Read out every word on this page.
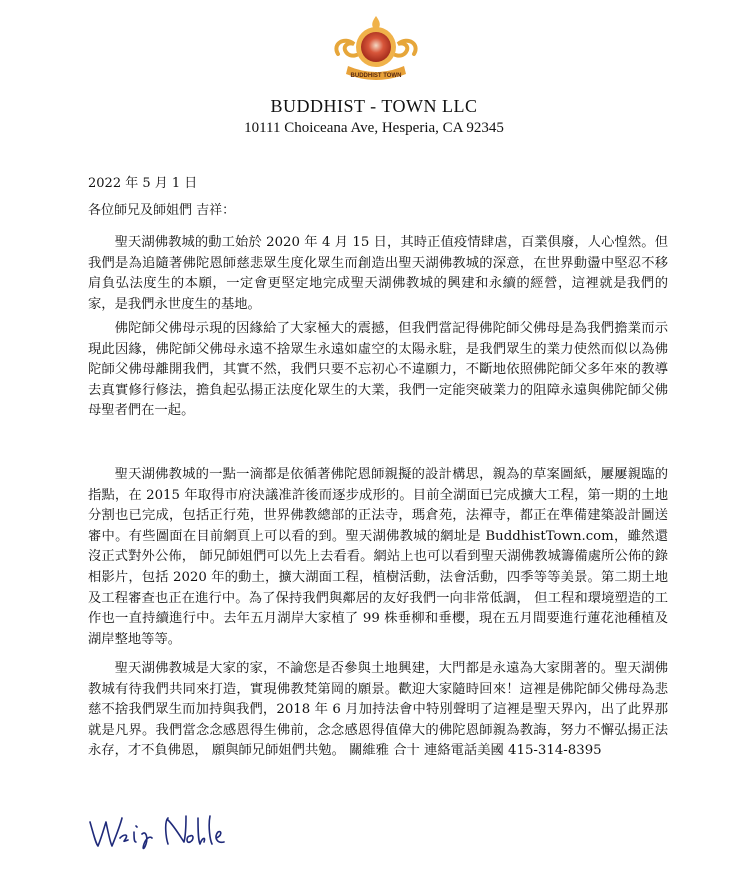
BUDDHIST TOWN
BUDDHIST - TOWN LLC
10111 Choiceana Ave, Hesperia, CA 92345
2022 年 5 月 1 日
各位師兄及師姐們 吉祥：

聖天湖佛教城的動工始於 2020 年 4 月 15 日，其時正值疫情肆虐，百業俱廢，人心惶然。但我們是為追隨著佛陀恩師慈悲眾生度化眾生而創造出聖天湖佛教城的深意，在世界動盪中堅忍不移肩負弘法度生的本願，一定會更堅定地完成聖天湖佛教城的興建和永續的經營，這裡就是我們的家，是我們永世度生的基地。

佛陀師父佛母示現的因緣給了大家極大的震撼，但我們當記得佛陀師父佛母是為我們擔業而示現此因緣，佛陀師父佛母永遠不捨眾生永遠如虛空的太陽永駐，是我們眾生的業力使然而似以為佛陀師父佛母離開我們，其實不然，我們只要不忘初心不違願力，不斷地依照佛陀師父多年來的教導去真實修行修法，擔負起弘揚正法度化眾生的大業，我們一定能突破業力的阻障永遠與佛陀師父佛母聖者們在一起。

聖天湖佛教城的一點一滴都是依循著佛陀恩師親擬的設計構思，親為的草案圖紙，屢屢親臨的指點，在 2015 年取得市府決議准許後而逐步成形的。目前全湖面已完成擴大工程，第一期的土地分割也已完成，包括正行苑，世界佛教總部的正法寺，瑪倉苑，法禪寺，都正在準備建築設計圖送審中。有些圖面在目前網頁上可以看的到。聖天湖佛教城的網址是 BuddhistTown.com，雖然還沒正式對外公佈， 師兄師姐們可以先上去看看。網站上也可以看到聖天湖佛教城籌備處所公佈的錄相影片，包括 2020 年的動土，擴大湖面工程，植樹活動，法會活動，四季等等美景。第二期土地及工程審查也正在進行中。為了保持我們與鄰居的友好我們一向非常低調， 但工程和環境塑造的工作也一直持續進行中。去年五月湖岸大家植了 99 株垂柳和垂櫻，現在五月間要進行蓮花池種植及湖岸整地等等。

聖天湖佛教城是大家的家，不論您是否參與土地興建，大門都是永遠為大家開著的。聖天湖佛教城有待我們共同來打造，實現佛教梵第岡的願景。歡迎大家隨時回來！這裡是佛陀師父佛母為悲慈不捨我們眾生而加持與我們，2018 年 6 月加持法會中特別聲明了這裡是聖天界內，出了此界那就是凡界。我們當念念感恩得生佛前，念念感恩得值偉大的佛陀恩師親為教誨，努力不懈弘揚正法永存，才不負佛恩， 願與師兄師姐們共勉。 關維雅 合十 連絡電話美國 415-314-8395
